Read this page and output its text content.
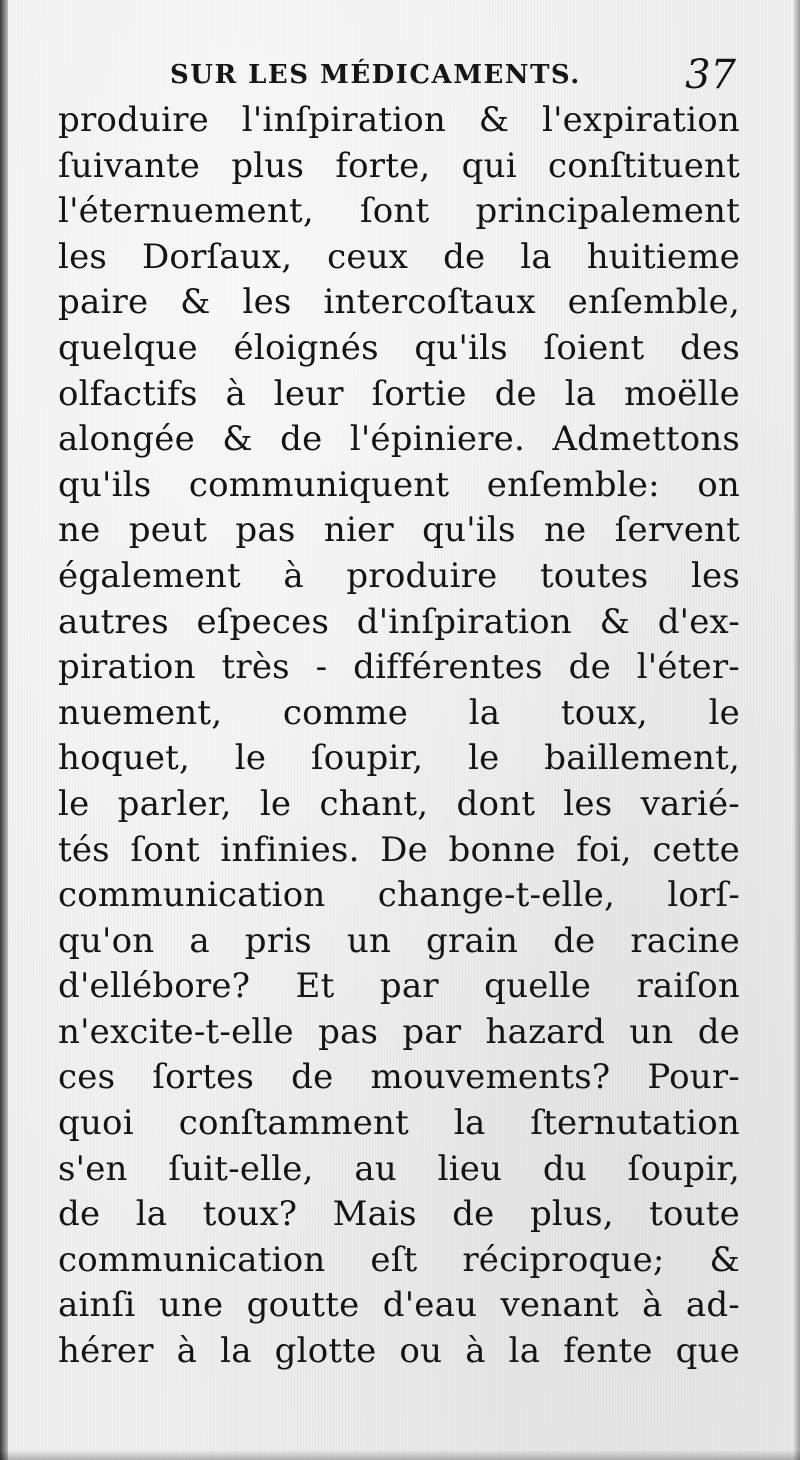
SUR LES MÉDICAMENTS.	37
produire l'inſpiration & l'expiration
ſuivante plus forte, qui conſtituent
l'éternuement, ſont principalement
les Dorſaux, ceux de la huitieme
paire & les intercoſtaux enſemble,
quelque éloignés qu'ils ſoient des
olfactifs à leur ſortie de la moëlle
alongée & de l'épiniere. Admettons
qu'ils communiquent enſemble: on
ne peut pas nier qu'ils ne ſervent
également à produire toutes les
autres eſpeces d'inſpiration & d'ex-
piration très - différentes de l'éter-
nuement, comme la toux, le
hoquet, le ſoupir, le baillement,
le parler, le chant, dont les varié-
tés ſont infinies. De bonne foi, cette
communication change-t-elle, lorſ-
qu'on a pris un grain de racine
d'ellébore? Et par quelle raiſon
n'excite-t-elle pas par hazard un de
ces ſortes de mouvements? Pour-
quoi conſtamment la ſternutation
s'en ſuit-elle, au lieu du ſoupir,
de la toux? Mais de plus, toute
communication eſt réciproque; &
ainſi une goutte d'eau venant à ad-
hérer à la glotte ou à la fente que
